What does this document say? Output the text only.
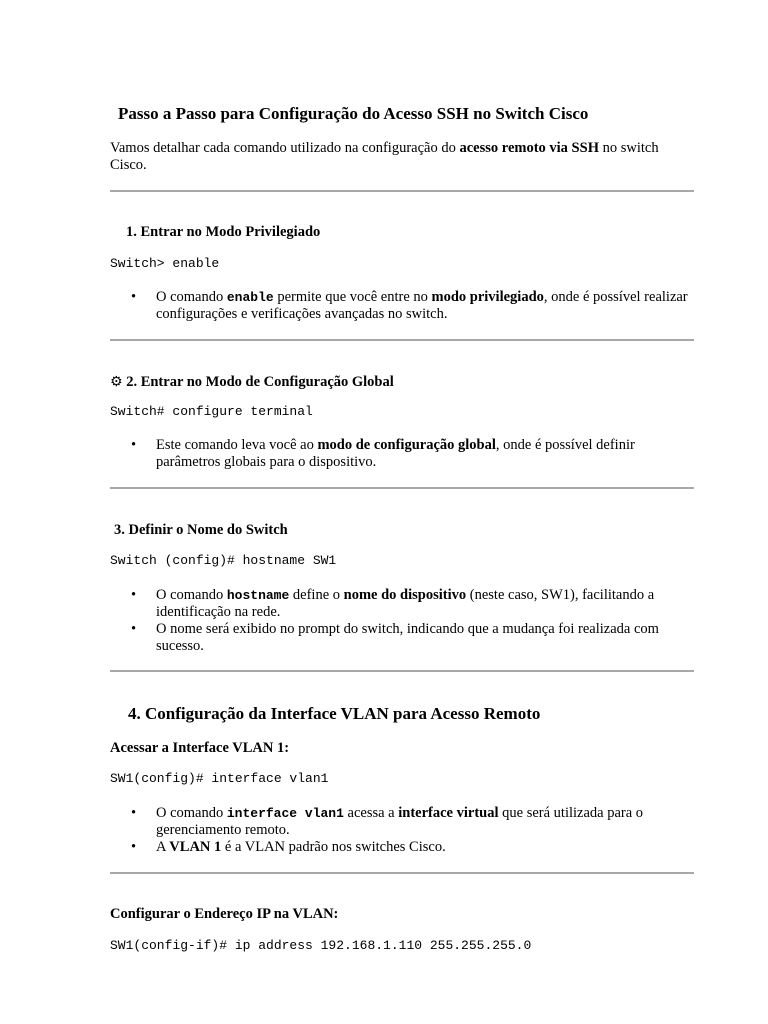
Passo a Passo para Configuração do Acesso SSH no Switch Cisco

Vamos detalhar cada comando utilizado na configuração do acesso remoto via SSH no switch Cisco.

1. Entrar no Modo Privilegiado
Switch> enable
• O comando enable permite que você entre no modo privilegiado, onde é possível realizar configurações e verificações avançadas no switch.
⚙ 2. Entrar no Modo de Configuração Global
Switch# configure terminal
• Este comando leva você ao modo de configuração global, onde é possível definir parâmetros globais para o dispositivo.
3. Definir o Nome do Switch
Switch (config)# hostname SW1
• O comando hostname define o nome do dispositivo (neste caso, SW1), facilitando a identificação na rede.
• O nome será exibido no prompt do switch, indicando que a mudança foi realizada com sucesso.
4. Configuração da Interface VLAN para Acesso Remoto
Acessar a Interface VLAN 1:
SW1(config)# interface vlan1
• O comando interface vlan1 acessa a interface virtual que será utilizada para o gerenciamento remoto.
• A VLAN 1 é a VLAN padrão nos switches Cisco.
Configurar o Endereço IP na VLAN:
SW1(config-if)# ip address 192.168.1.110 255.255.255.0
